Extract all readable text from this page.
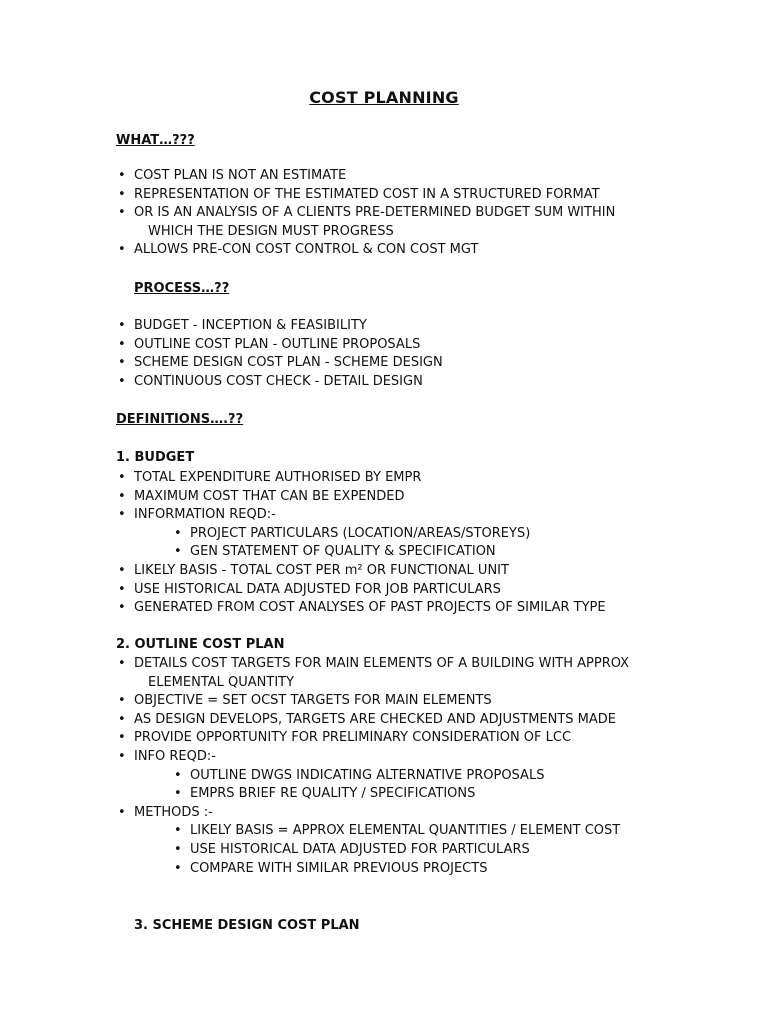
COST PLANNING
WHAT…???
• COST PLAN IS NOT AN ESTIMATE
• REPRESENTATION OF THE ESTIMATED COST IN A STRUCTURED FORMAT
• OR IS AN ANALYSIS OF A CLIENTS PRE-DETERMINED BUDGET SUM WITHIN
WHICH THE DESIGN MUST PROGRESS
• ALLOWS PRE-CON COST CONTROL & CON COST MGT
PROCESS…??
• BUDGET - INCEPTION & FEASIBILITY
• OUTLINE COST PLAN - OUTLINE PROPOSALS
• SCHEME DESIGN COST PLAN - SCHEME DESIGN
• CONTINUOUS COST CHECK - DETAIL DESIGN
DEFINITIONS….??
1. BUDGET
• TOTAL EXPENDITURE AUTHORISED BY EMPR
• MAXIMUM COST THAT CAN BE EXPENDED
• INFORMATION REQD:-
• PROJECT PARTICULARS (LOCATION/AREAS/STOREYS)
• GEN STATEMENT OF QUALITY & SPECIFICATION
• LIKELY BASIS - TOTAL COST PER m² OR FUNCTIONAL UNIT
• USE HISTORICAL DATA ADJUSTED FOR JOB PARTICULARS
• GENERATED FROM COST ANALYSES OF PAST PROJECTS OF SIMILAR TYPE
2. OUTLINE COST PLAN
• DETAILS COST TARGETS FOR MAIN ELEMENTS OF A BUILDING WITH APPROX
ELEMENTAL QUANTITY
• OBJECTIVE = SET OCST TARGETS FOR MAIN ELEMENTS
• AS DESIGN DEVELOPS, TARGETS ARE CHECKED AND ADJUSTMENTS MADE
• PROVIDE OPPORTUNITY FOR PRELIMINARY CONSIDERATION OF LCC
• INFO REQD:-
• OUTLINE DWGS INDICATING ALTERNATIVE PROPOSALS
• EMPRS BRIEF RE QUALITY / SPECIFICATIONS
• METHODS :-
• LIKELY BASIS = APPROX ELEMENTAL QUANTITIES / ELEMENT COST
• USE HISTORICAL DATA ADJUSTED FOR PARTICULARS
• COMPARE WITH SIMILAR PREVIOUS PROJECTS
3. SCHEME DESIGN COST PLAN
